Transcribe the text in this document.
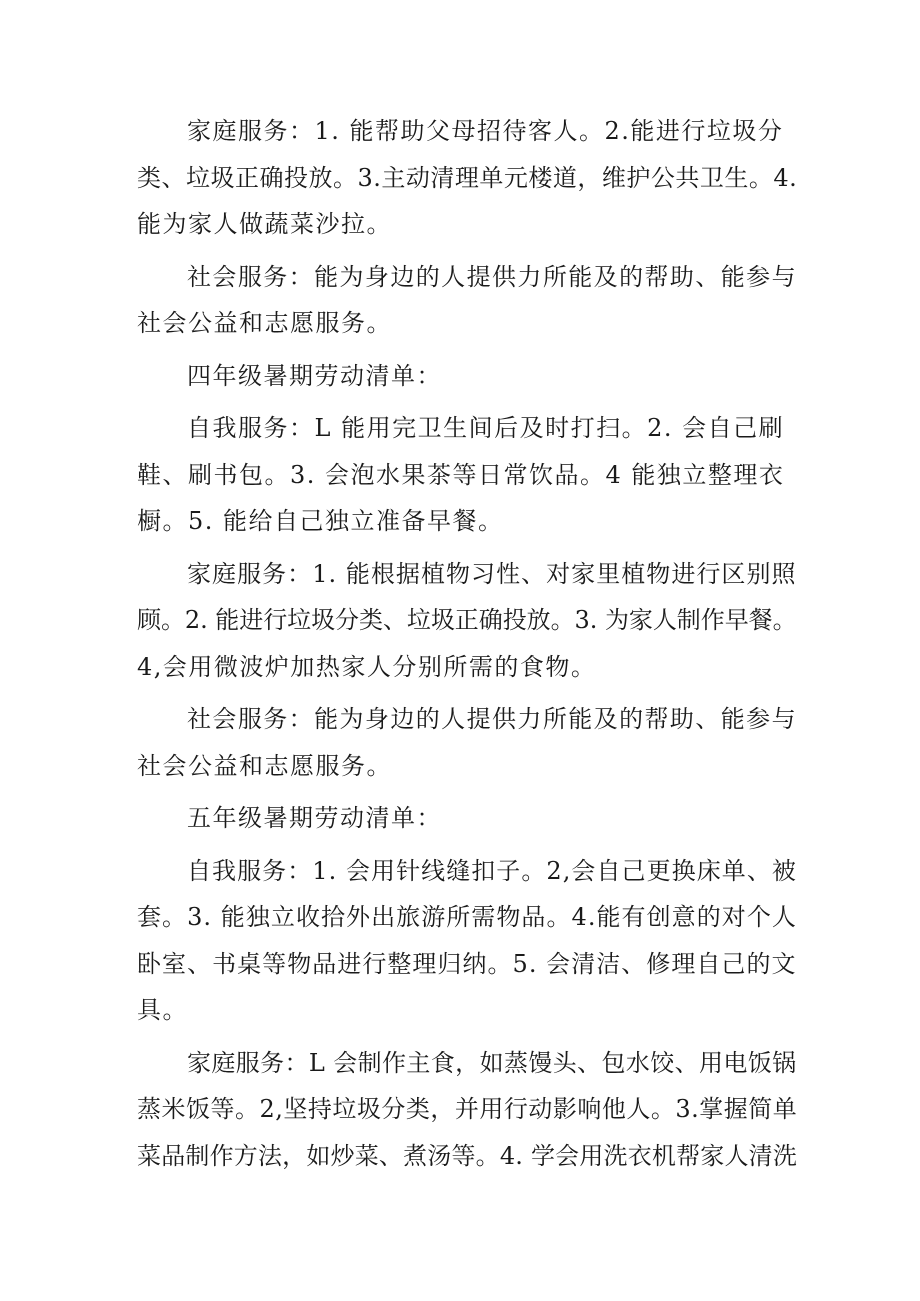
家庭服务：1. 能帮助父母招待客人。2.能进行垃圾分
类、垃圾正确投放。3.主动清理单元楼道，维护公共卫生。4.
能为家人做蔬菜沙拉。
社会服务：能为身边的人提供力所能及的帮助、能参与
社会公益和志愿服务。
四年级暑期劳动清单：
自我服务：L 能用完卫生间后及时打扫。2. 会自己刷
鞋、刷书包。3. 会泡水果茶等日常饮品。4 能独立整理衣
橱。5. 能给自己独立准备早餐。
家庭服务：1. 能根据植物习性、对家里植物进行区别照
顾。2. 能进行垃圾分类、垃圾正确投放。3. 为家人制作早餐。
4,会用微波炉加热家人分别所需的食物。
社会服务：能为身边的人提供力所能及的帮助、能参与
社会公益和志愿服务。
五年级暑期劳动清单：
自我服务：1. 会用针线缝扣子。2,会自己更换床单、被
套。3. 能独立收拾外出旅游所需物品。4.能有创意的对个人
卧室、书桌等物品进行整理归纳。5. 会清洁、修理自己的文
具。
家庭服务：L 会制作主食，如蒸馒头、包水饺、用电饭锅
蒸米饭等。2,坚持垃圾分类，并用行动影响他人。3.掌握简单
菜品制作方法，如炒菜、煮汤等。4. 学会用洗衣机帮家人清洗
